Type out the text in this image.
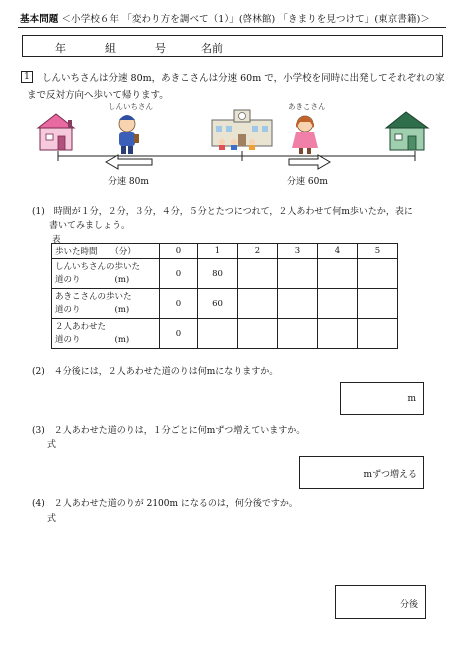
基本問題 ＜小学校６年 「変わり方を調べて（1）」(啓林館) 「きまりを見つけて」(東京書籍)＞
年	組	号	名前
1	しんいちさんは分速 80m，あきこさんは分速 60m で，小学校を同時に出発してそれぞれの家
まで反対方向へ歩いて帰ります。
しんいちさん	あきこさん
分速 80m	分速 60m
(1)　時間が１分，２分，３分，４分，５分とたつにつれて，２人あわせて何m歩いたか，表に
書いてみましょう。
表
歩いた時間　　（分）	0	1	2	3	4	5

しんいちさんの歩いた
道のり　　　　(m)	0	80				

あきこさんの歩いた
道のり　　　　(m)	0	60				

２人あわせた
道のり　　　　(m)	0					
(2)　４分後には，２人あわせた道のりは何mになりますか。
m
(3)　２人あわせた道のりは，１分ごとに何mずつ増えていますか。
式
mずつ増える
(4)　２人あわせた道のりが 2100m になるのは，何分後ですか。
式
分後
